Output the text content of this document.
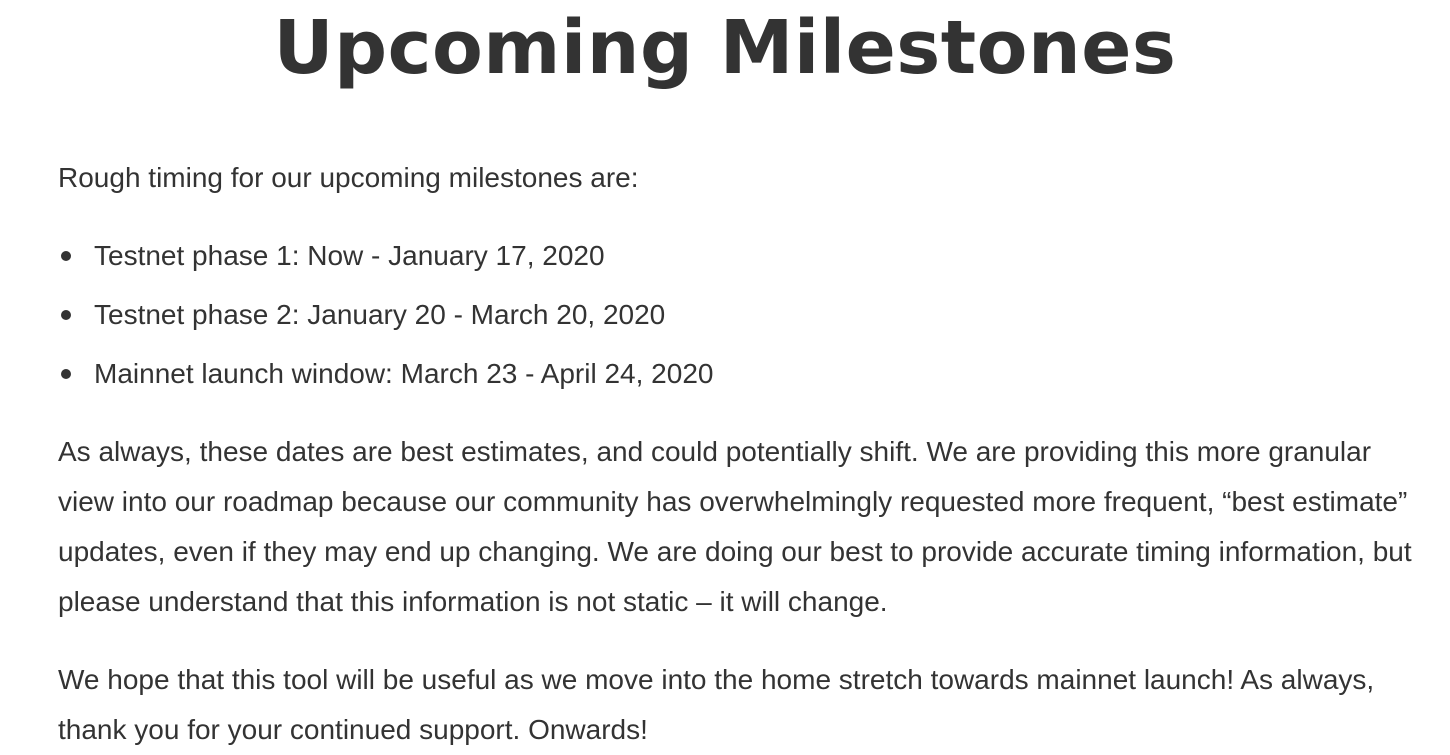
Upcoming Milestones

Rough timing for our upcoming milestones are:

Testnet phase 1: Now - January 17, 2020
Testnet phase 2: January 20 - March 20, 2020
Mainnet launch window: March 23 - April 24, 2020

As always, these dates are best estimates, and could potentially shift. We are providing this more granular view into our roadmap because our community has overwhelmingly requested more frequent, “best estimate” updates, even if they may end up changing. We are doing our best to provide accurate timing information, but please understand that this information is not static – it will change.

We hope that this tool will be useful as we move into the home stretch towards mainnet launch! As always, thank you for your continued support. Onwards!
